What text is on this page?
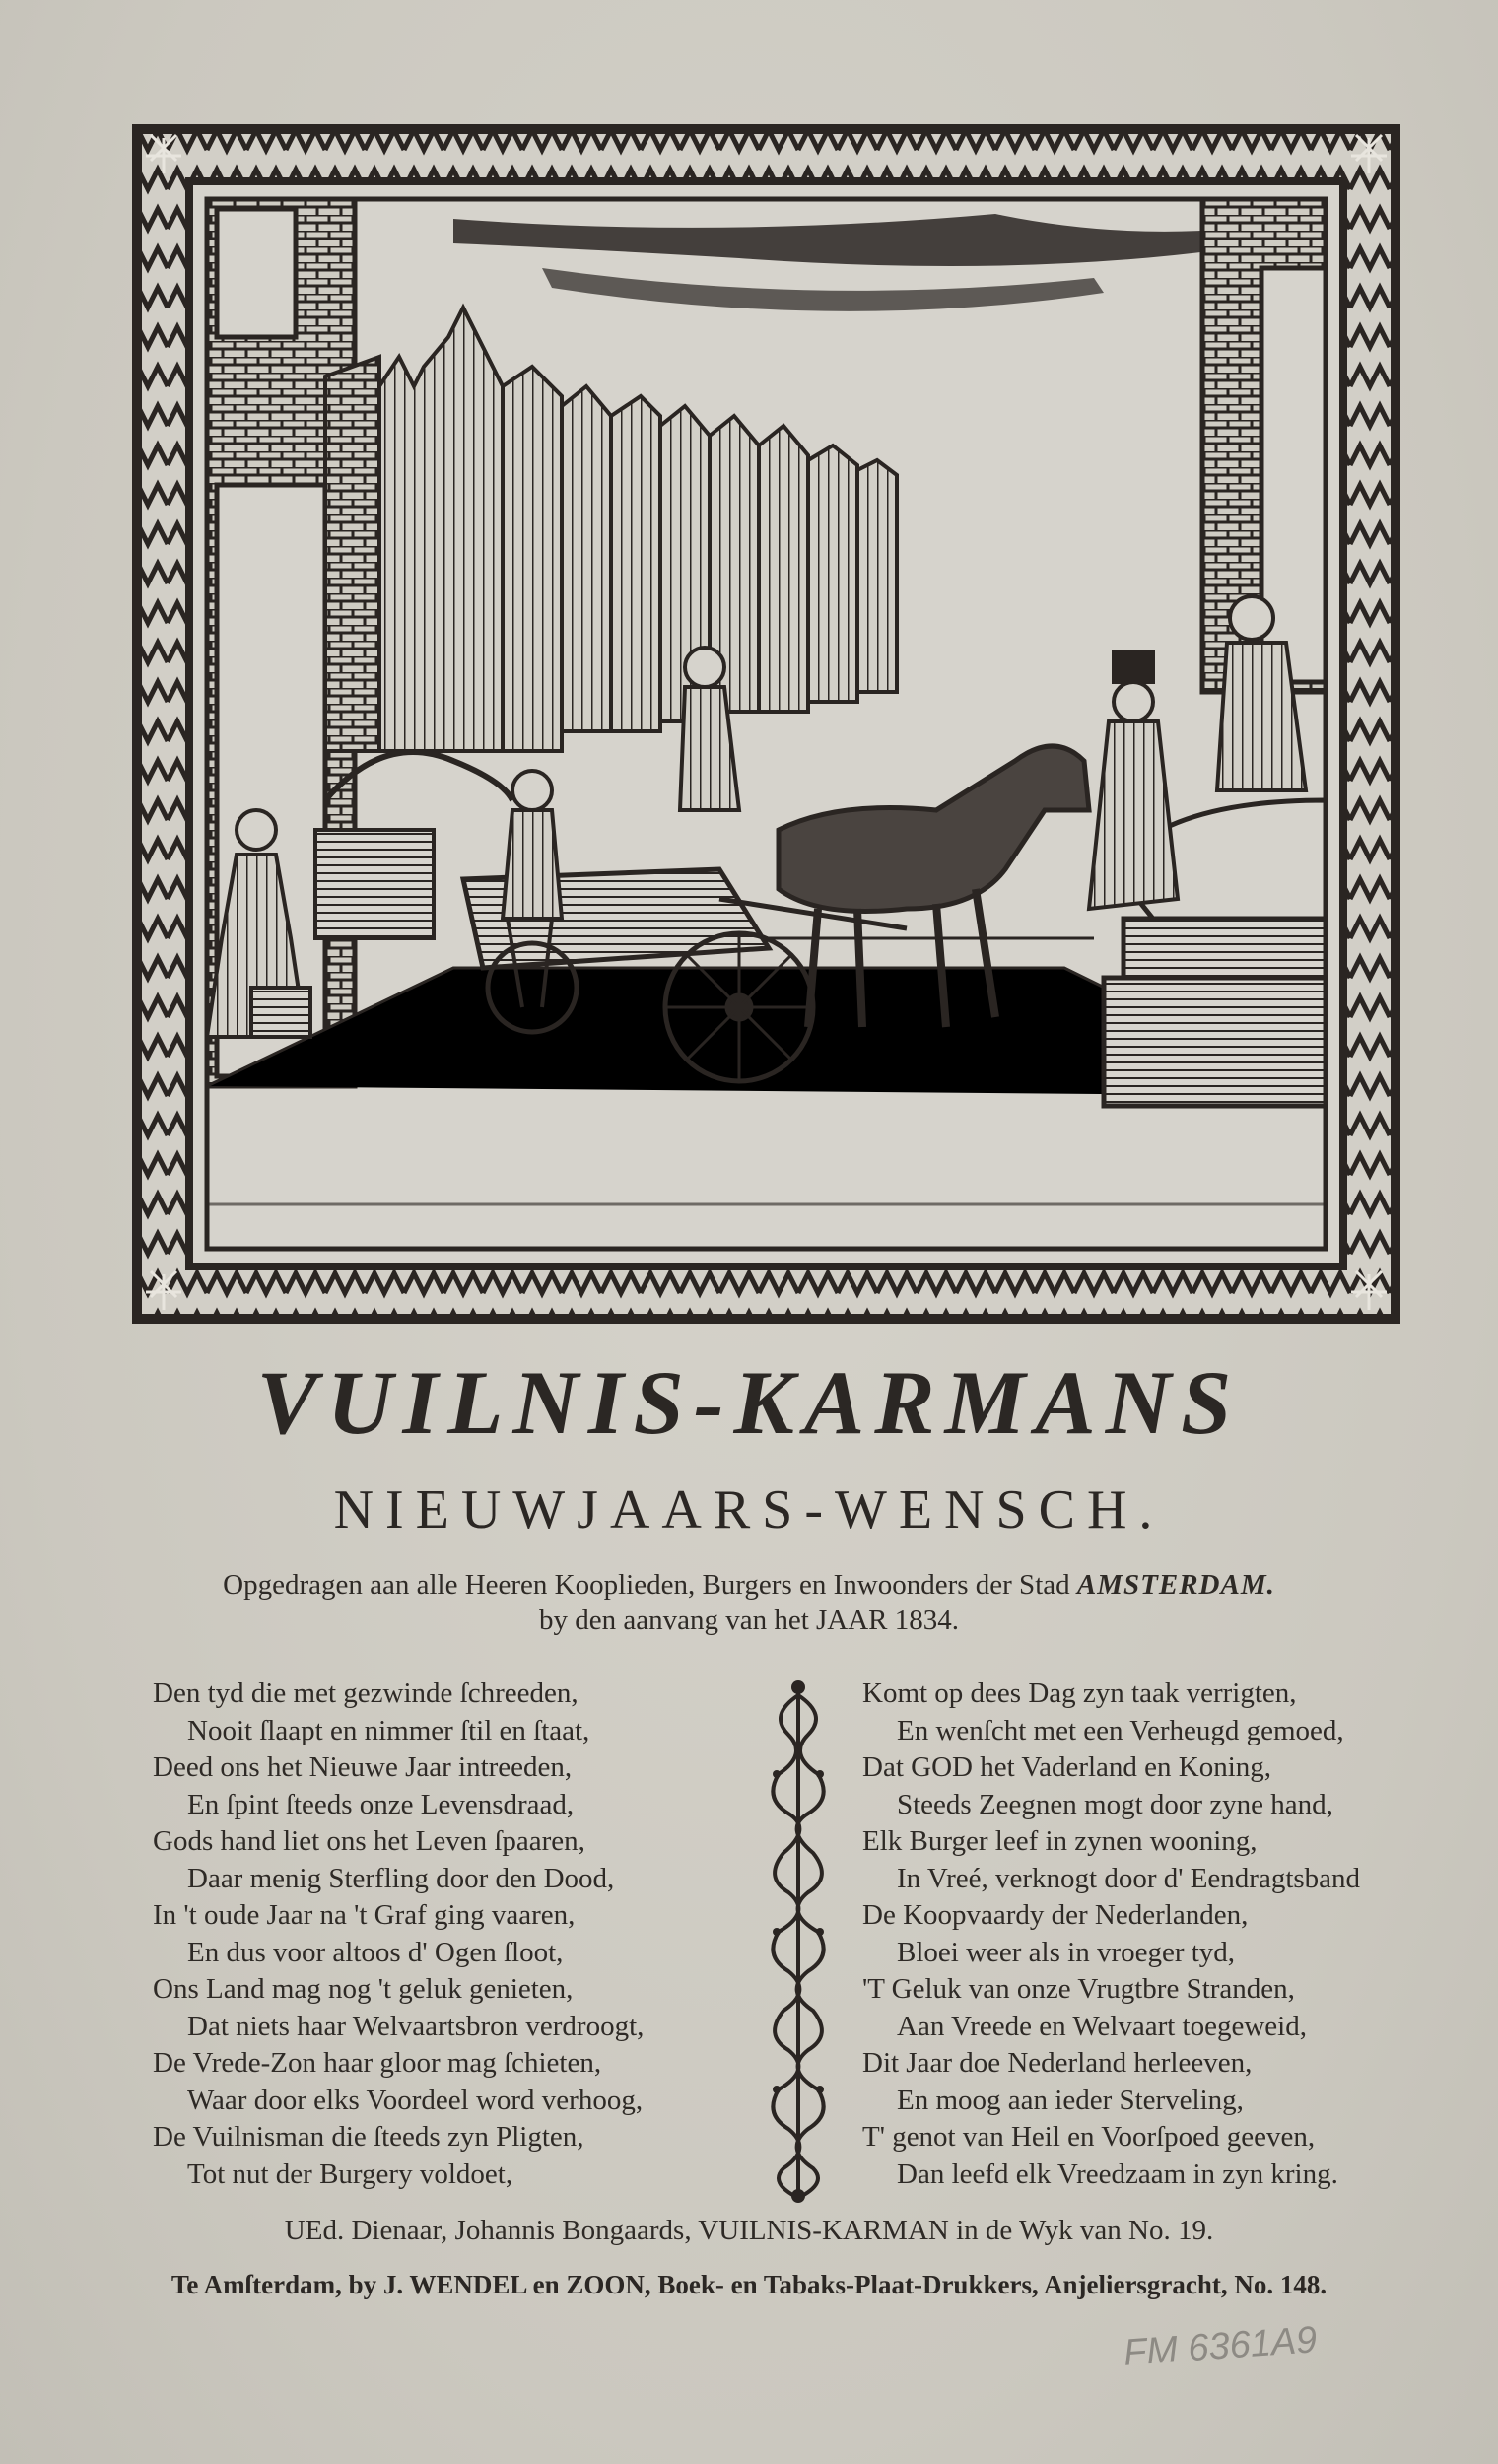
VUILNIS-KARMANS
NIEUWJAARS-WENSCH.
Opgedragen aan alle Heeren Kooplieden, Burgers en Inwoonders der Stad AMSTERDAM.
by den aanvang van het JAAR 1834.
Den tyd die met gezwinde ſchreeden,
Nooit ſlaapt en nimmer ſtil en ſtaat,
Deed ons het Nieuwe Jaar intreeden,
En ſpint ſteeds onze Levensdraad,
Gods hand liet ons het Leven ſpaaren,
Daar menig Sterfling door den Dood,
In 't oude Jaar na 't Graf ging vaaren,
En dus voor altoos d' Ogen ſloot,
Ons Land mag nog 't geluk genieten,
Dat niets haar Welvaartsbron verdroogt,
De Vrede-Zon haar gloor mag ſchieten,
Waar door elks Voordeel word verhoog,
De Vuilnisman die ſteeds zyn Pligten,
Tot nut der Burgery voldoet,
Komt op dees Dag zyn taak verrigten,
En wenſcht met een Verheugd gemoed,
Dat GOD het Vaderland en Koning,
Steeds Zeegnen mogt door zyne hand,
Elk Burger leef in zynen wooning,
In Vreé, verknogt door d' Eendragtsband
De Koopvaardy der Nederlanden,
Bloei weer als in vroeger tyd,
'T Geluk van onze Vrugtbre Stranden,
Aan Vreede en Welvaart toegeweid,
Dit Jaar doe Nederland herleeven,
En moog aan ieder Sterveling,
T' genot van Heil en Voorſpoed geeven,
Dan leefd elk Vreedzaam in zyn kring.
UEd. Dienaar, Johannis Bongaards, VUILNIS-KARMAN in de Wyk van No. 19.
Te Amſterdam, by J. WENDEL en ZOON, Boek- en Tabaks-Plaat-Drukkers, Anjeliersgracht, No. 148.
FM 6361A9
